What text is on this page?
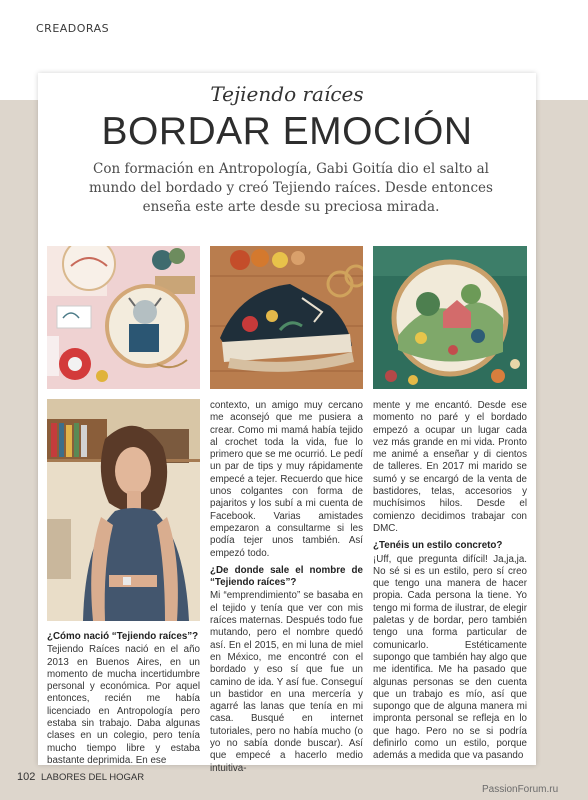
CREADORAS
Tejiendo raíces
BORDAR EMOCIÓN
Con formación en Antropología, Gabi Goitía dio el salto al mundo del bordado y creó Tejiendo raíces. Desde entonces enseña este arte desde su preciosa mirada.

¿Cómo nació “Tejiendo raíces”?

Tejiendo Raíces nació en el año 2013 en Buenos Aires, en un momento de mucha incertidumbre personal y económica. Por aquel entonces, recién me había licenciado en Antropología pero estaba sin trabajo. Daba algunas clases en un colegio, pero tenía mucho tiempo libre y estaba bastante deprimida. En ese

contexto, un amigo muy cercano me aconsejó que me pusiera a crear. Como mi mamá había tejido al crochet toda la vida, fue lo primero que se me ocurrió. Le pedí un par de tips y muy rápidamente empecé a tejer. Recuerdo que hice unos colgantes con forma de pajaritos y los subí a mi cuenta de Facebook. Varias amistades empezaron a consultarme si les podía tejer unos también. Así empezó todo.

¿De donde sale el nombre de “Tejiendo raíces”?

Mi “emprendimiento” se basaba en el tejido y tenía que ver con mis raíces maternas. Después todo fue mutando, pero el nombre quedó así. En el 2015, en mi luna de miel en México, me encontré con el bordado y eso sí que fue un camino de ida. Y así fue. Conseguí un bastidor en una mercería y agarré las lanas que tenía en mi casa. Busqué en internet tutoriales, pero no había mucho (o yo no sabía donde buscar). Así que empecé a hacerlo medio intuitiva-

mente y me encantó. Desde ese momento no paré y el bordado empezó a ocupar un lugar cada vez más grande en mi vida. Pronto me animé a enseñar y di cientos de talleres. En 2017 mi marido se sumó y se encargó de la venta de bastidores, telas, accesorios y muchísimos hilos. Desde el comienzo decidimos trabajar con DMC.

¿Tenéis un estilo concreto?

¡Uff, que pregunta difícil! Ja,ja,ja. No sé si es un estilo, pero sí creo que tengo una manera de hacer propia. Cada persona la tiene. Yo tengo mi forma de ilustrar, de elegir paletas y de bordar, pero también tengo una forma particular de comunicarlo. Estéticamente supongo que también hay algo que me identifica. Me ha pasado que algunas personas se den cuenta que un trabajo es mío, así que supongo que de alguna manera mi impronta personal se refleja en lo que hago. Pero no se si podría definirlo como un estilo, porque además a medida que va pasando

102 LABORES DEL HOGAR
PassionForum.ru
